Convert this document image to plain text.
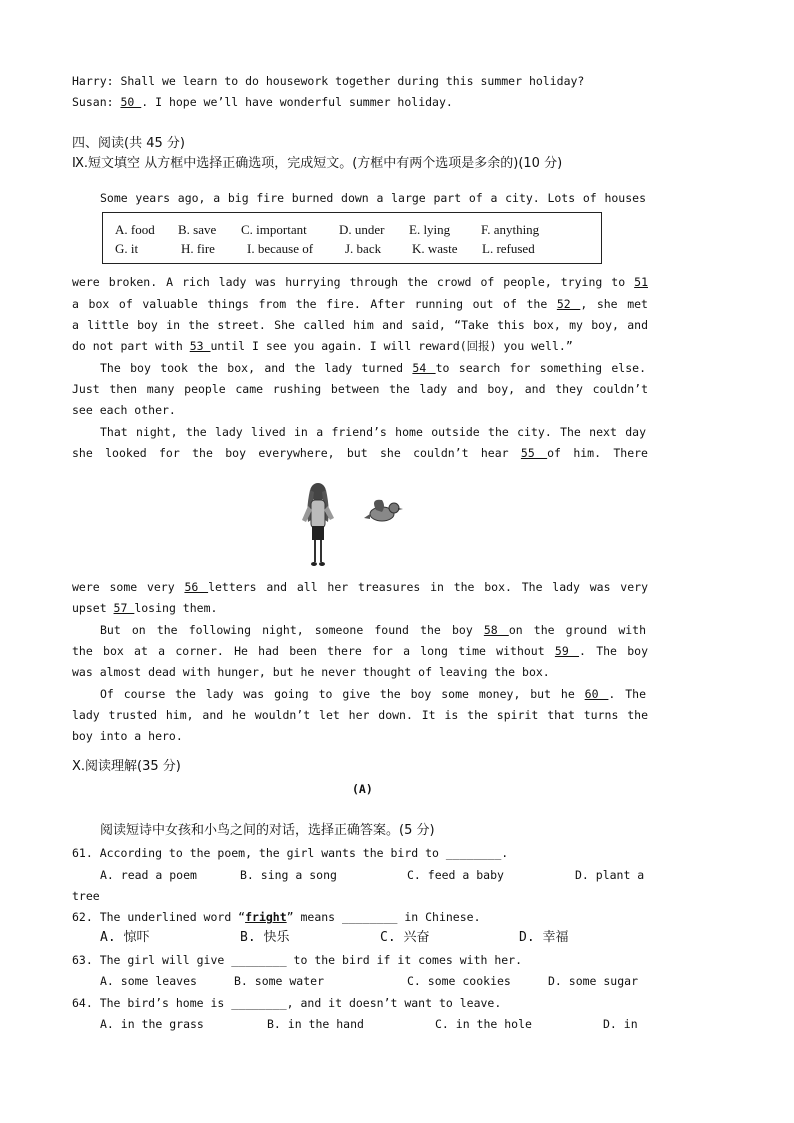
Harry: Shall we learn to do housework together during this summer holiday?
Susan: 50 . I hope we’ll have wonderful summer holiday.
四、阅读(共 45 分)
Ⅸ.短文填空 从方框中选择正确选项，完成短文。(方框中有两个选项是多余的)(10 分)
Some years ago, a big fire burned down a large part of a city. Lots of houses
A. food B. save C. important D. under E. lying F. anything
G. it	H. fire I. because of J. back K. waste L. refused
were broken. A rich lady was hurrying through the crowd of people, trying to 51
a box of valuable things from the fire. After running out of the 52 , she met
a little boy in the street. She called him and said, “Take this box, my boy, and
do not part with 53 until I see you again. I will reward(回报) you well.”
The boy took the box, and the lady turned 54 to search for something else.
Just then many people came rushing between the lady and boy, and they couldn’t
see each other.
That night, the lady lived in a friend’s home outside the city. The next day
she looked for the boy everywhere, but she couldn’t hear 55 of him. There
were some very 56 letters and all her treasures in the box. The lady was very
upset 57 losing them.
But on the following night, someone found the boy 58 on the ground with
the box at a corner. He had been there for a long time without 59 . The boy
was almost dead with hunger, but he never thought of leaving the box.
Of course the lady was going to give the boy some money, but he 60 . The
lady trusted him, and he wouldn’t let her down. It is the spirit that turns the
boy into a hero.
Ⅹ.阅读理解(35 分)
(A)
阅读短诗中女孩和小鸟之间的对话，选择正确答案。(5 分)
61. According to the poem, the girl wants the bird to ________.
A. read a poem	B. sing a song	C. feed a baby	D. plant a
tree
62. The underlined word “fright” means ________ in Chinese.
A. 惊吓	B. 快乐	C. 兴奋	D. 幸福
63. The girl will give ________ to the bird if it comes with her.
A. some leaves	B. some water	C. some cookies	D. some sugar
64. The bird’s home is ________, and it doesn’t want to leave.
A. in the grass	B. in the hand	C. in the hole	D. in
